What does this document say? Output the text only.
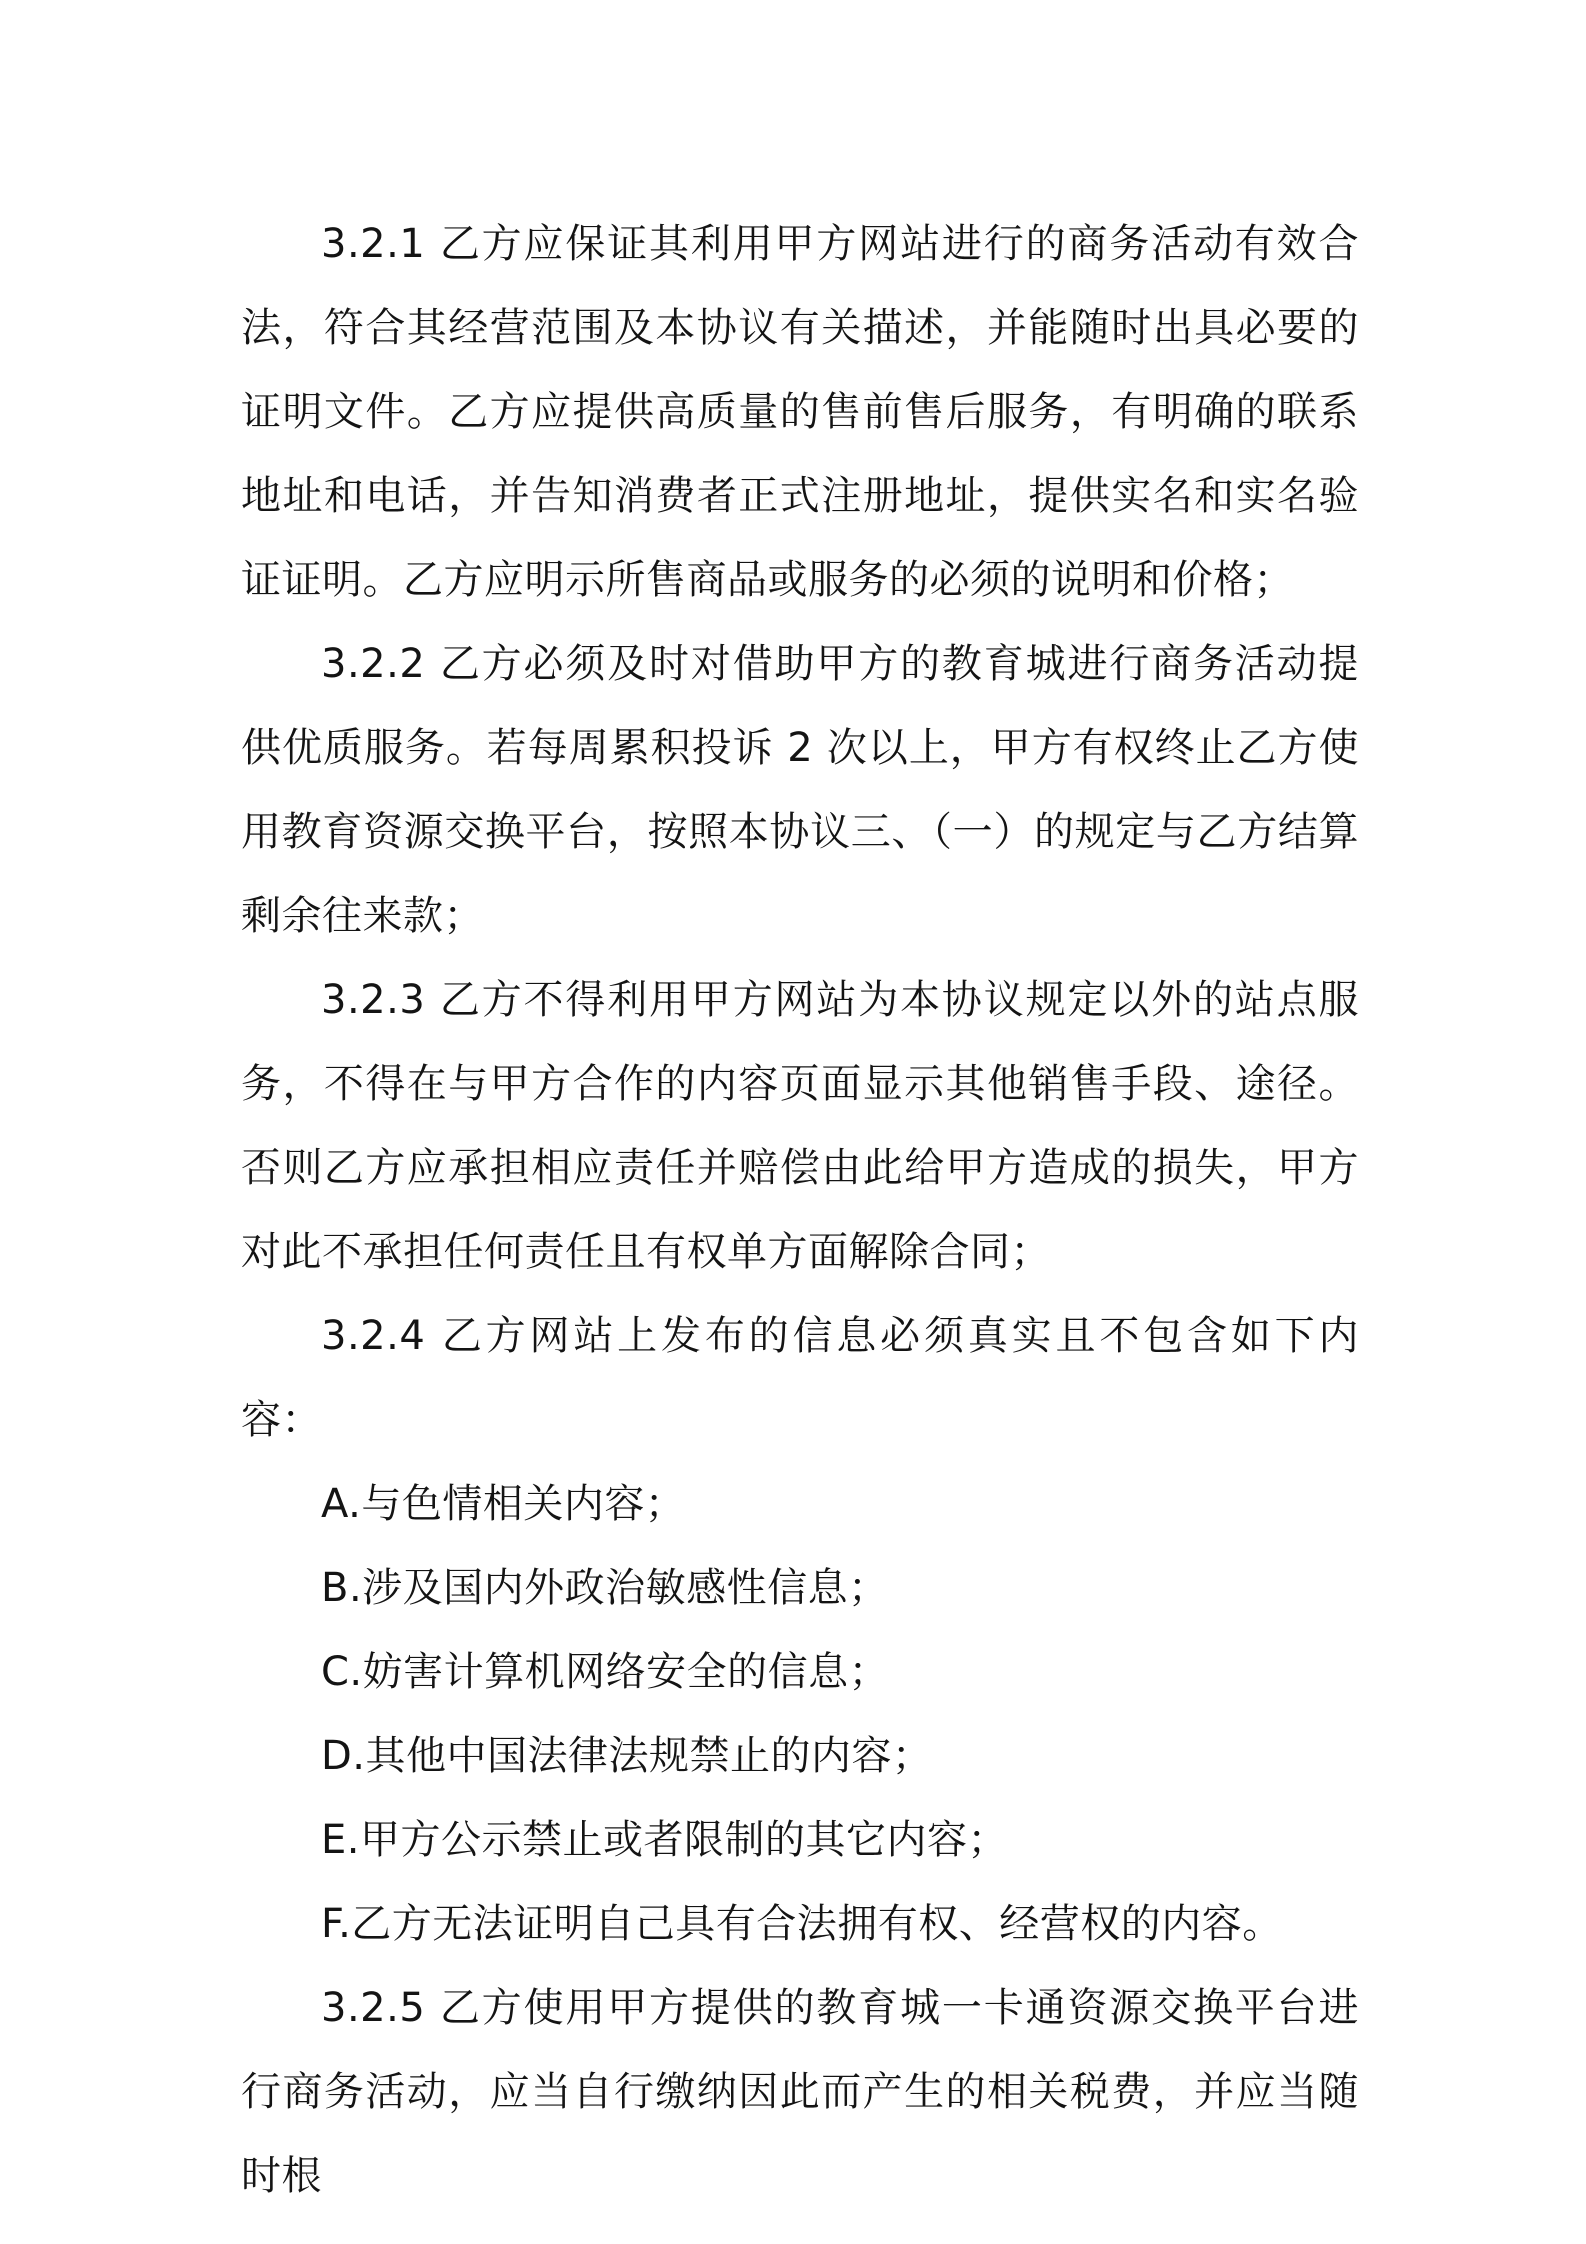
3.2.1 乙方应保证其利用甲方网站进行的商务活动有效合法，符合其经营范围及本协议有关描述，并能随时出具必要的证明文件。乙方应提供高质量的售前售后服务，有明确的联系地址和电话，并告知消费者正式注册地址，提供实名和实名验证证明。乙方应明示所售商品或服务的必须的说明和价格；

3.2.2 乙方必须及时对借助甲方的教育城进行商务活动提供优质服务。若每周累积投诉 2 次以上，甲方有权终止乙方使用教育资源交换平台，按照本协议三、（一）的规定与乙方结算剩余往来款；

3.2.3 乙方不得利用甲方网站为本协议规定以外的站点服务，不得在与甲方合作的内容页面显示其他销售手段、途径。否则乙方应承担相应责任并赔偿由此给甲方造成的损失，甲方对此不承担任何责任且有权单方面解除合同；

3.2.4 乙方网站上发布的信息必须真实且不包含如下内容：

A.与色情相关内容；

B.涉及国内外政治敏感性信息；

C.妨害计算机网络安全的信息；

D.其他中国法律法规禁止的内容；

E.甲方公示禁止或者限制的其它内容；

F.乙方无法证明自己具有合法拥有权、经营权的内容。

3.2.5 乙方使用甲方提供的教育城一卡通资源交换平台进行商务活动，应当自行缴纳因此而产生的相关税费，并应当随时根
